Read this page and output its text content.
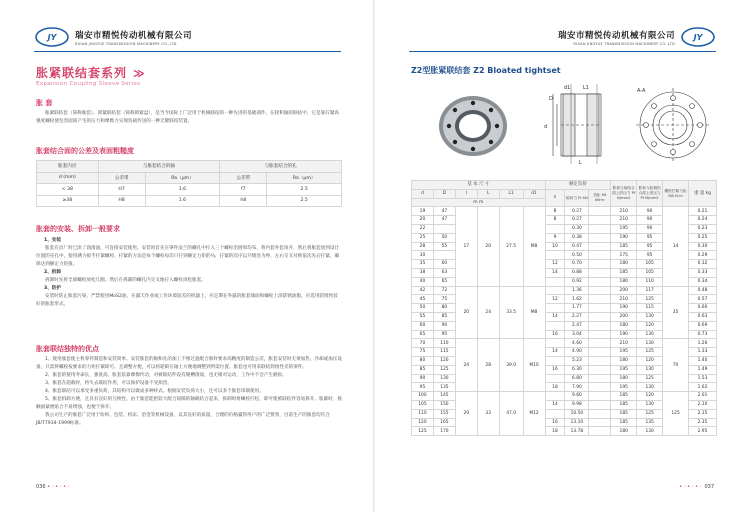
JY 瑞安市精悦传动机械有限公司
RUIAN JINGYUE TRANSMISSION MACHINERY CO.,LTD
胀紧联结套系列 ≫
Expansion Coupling Sleeve Series
胀 套

胀紧联结套（简称胀套），锁紧联结套（简称锁紧盘），是当今国际上广泛用于机械联结的一种先进的基础部件。在轮和轴的联结中，它是靠拧紧高强度螺栓使包容面间产生的压力和摩擦力实现负载传送的一种无键联结装置。

胀套结合面的公差及表面粗糙度
胀套内径	与胀套结合的轴		与胀套结合的孔	
d (mm)	公差带	Ra（μm）	公差带	Ra（μm）
< 38	H7	1.6	f7	2.5
≥38	H8	1.6	h8	2.5
胀套的安装、拆卸一般要求
1、安装

胀套在出厂时已涂了润滑油，可直接安装使用。安装时首先在零件法兰的螺孔中拧入三个螺栓沿圆周均布，将内套外套顶开，然后将胀套放到设计位置的壳孔中，使用测力扳手拧紧螺栓，拧紧的方法是每个螺栓每次只拧到额定力矩的¼，拧紧的次序以开缝处为界，左右交叉对称依次先后拧紧，确保达到额定力矩值。

2、拆卸

拆卸时先将全部螺栓放松几圈。然后在拆卸的螺孔内交叉地拧入螺栓顶松胀套。

3、防护

安装时防止胀套污染，严禁使用MoS2油，在露天作业或工作环境较差的机器上，应定期在外露的胀套端面和螺栓上涂防锈油脂，应选用防锈性较好的胀套形式。

胀套联结独特的优点

1、使用胀套使主机零件制造和安装简单。安装胀套的轴和孔的加工不像过盈配合那样要求高精度的制造公差，胀套安装时无须加热、冷却或加压设备，只需将螺栓按要求的力矩拧紧即可。且调整方便，可以将轮毂在轴上方便地调整到所需位置。胀套也可用来联结焊接性差的零件。

2、胀套的使用寿命长，强度高。胀套依靠摩擦传动，对被联结件没有键槽削弱，也无相对运动，工作中不会产生磨损。

3、胀套在超载时，将失去联结作用，可以保护设备不受损害。

4、胀套联结可以承受多重负荷，其结构可以做成多种样式。根据安装负荷大小，还可以多个胀套串联使用。

5、胀套拆卸方便，且具有良好的互换性。由于胀套能把较大配合间隙的轴毂结合起来，拆卸时将螺栓拧松，即可使被联结件容易拆开。胀紧时，接触面紧密贴合不易锈蚀，也便于拆开。

我公司生产的胀套广泛用于纺织、包装、机床、冶金等机械设备，以其良好的质量，合理的价格赢得用户的广泛赞誉，目前生产的胀套均符合JB/T7934-1999标准。

036 •◦•◦•◦
JY
瑞安市精悦传动机械有限公司
RUIAN JINGYUE TRANSMISSION MACHINERY CO.,LTD
Z2型胀紧联结套 Z2 Bloated tightset
d1	L1
L
d
D
A-A
基 本 尺 寸						额定负荷			胀套与轴结合面上的压力 Pf N/mm2	胀套与轮毂结合面上的压力 Pf N/mm2	螺栓拧紧力矩 MA N·m	重 量 kg
d	D	l	L	L1	d1	n	轴向力 Ft kN	扭矩 Mt kN·m				
m m												
19	47	17	20	27.5	M8	8	0.27		210	90	14	0.21
20	47					8	0.27		210	90		0.24
22							0.30		195	90		0.23
25	50					9	0.38		190	95		0.25
28	55					10	0.47		185	95		0.30
30							0.50		175	95		0.29
35	60					12	0.70		180	105		0.32
38	63					14	0.88		185	105		0.33
40	65						0.92		180	110		0.34
42	72	20	24	33.5	M8		1.36		200	117	35	0.48
45	75					12	1.62		210	125		0.57
50	80						1.77		190	115		0.60
55	85					14	2.27		200	130		0.63
60	90						2.47		180	120		0.69
65	95					16	3.04		190	130		0.73
70	110	24	28	39.0	M10		4.60		210	130	70	1.26
75	115					14	4.90		195	125		1.33
80	120						5.23		180	120		1.40
85	125					16	6.30		195	130		1.49
90	130						6.80		180	125		1.53
95	135					18	7.90		195	130		1.62
100	145	29	33	47.0	M12		9.60		185	120	125	2.01
105	150					14	9.98		185	130		2.10
110	155						10.50		185	125		2.15
120	165					16	13.10		185	135		2.35
125	170					18	13.78		180	130		2.95
•◦•◦•◦ 037
